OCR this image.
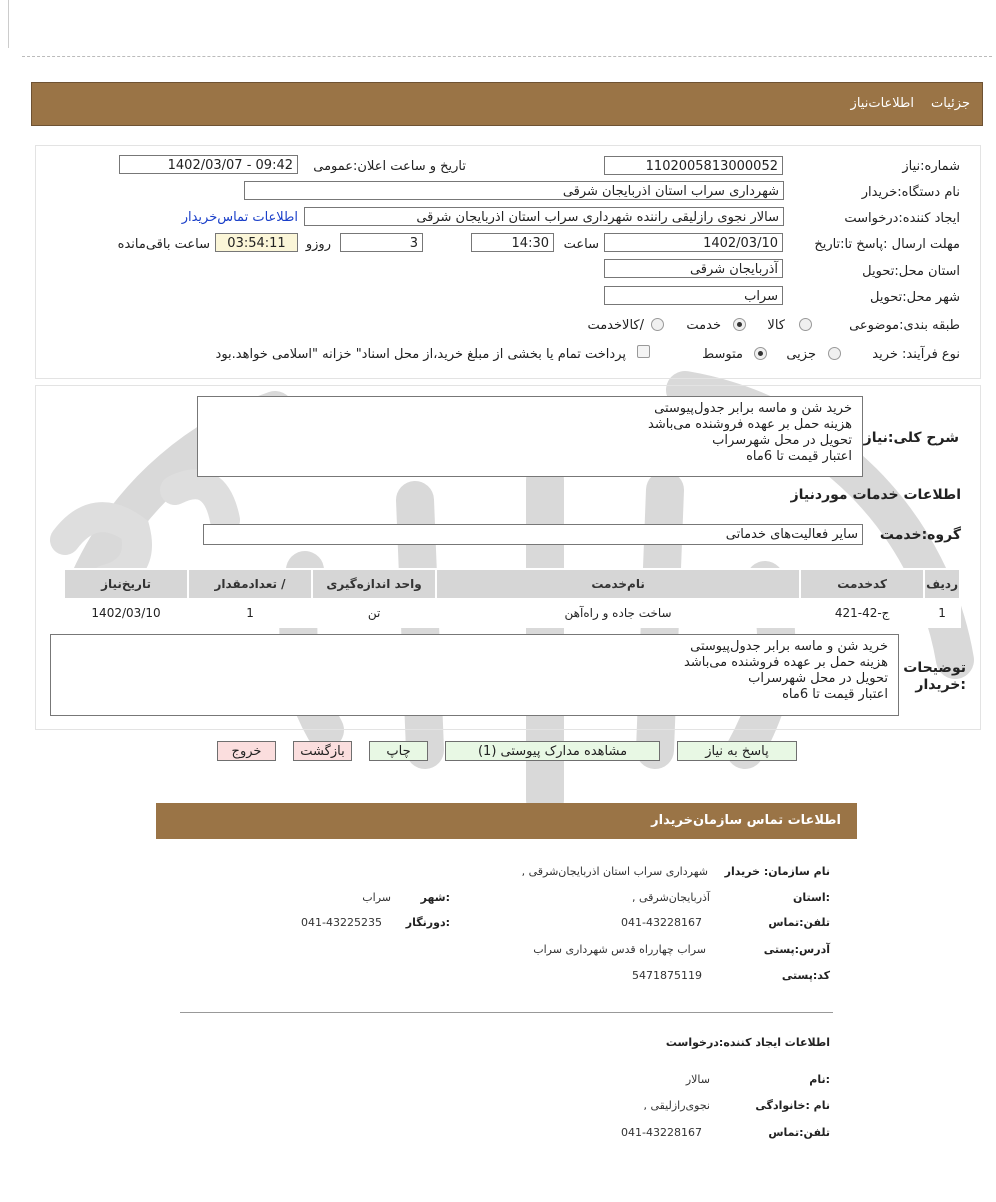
جزئیات
اطلاعات‌نیاز
شماره:نیاز
1102005813000052
تاریخ و ساعت اعلان:عمومی
1402/03/07 - 09:42
نام دستگاه:خریدار
شهرداری سراب استان اذربایجان شرقی
ایجاد کننده:درخواست
سالار نجوی رازلیقی راننده شهرداری سراب استان اذربایجان شرقی
اطلاعات تماس‌خریدار
مهلت ارسال :پاسخ تا:تاریخ
1402/03/10
ساعت
14:30
3
روزو
03:54:11
ساعت باقی‌مانده
استان محل:تحویل
آذربایجان شرقی
شهر محل:تحویل
سراب
طبقه بندی:موضوعی
کالا
خدمت
/کالاخدمت
نوع فرآیند: خرید
جزیی
متوسط
پرداخت تمام یا بخشی از مبلغ خرید،از محل اسناد" خزانه "اسلامی خواهد.بود
شرح کلی:نیاز
خرید شن و ماسه برابر جدول‌پیوستی
هزینه حمل بر عهده فروشنده می‌باشد
تحویل در محل شهرسراب
اعتبار قیمت تا 6ماه
اطلاعات خدمات مورد‌نیاز
گروه:خدمت
سایر فعالیت‌های خدماتی
ردیف	کدخدمت	نام‌خدمت	واحد اندازه‌گیری	/ تعدادمقدار	تاریخ‌نیاز
1	ج-42-421	ساخت جاده و راه‌آهن	تن	1	1402/03/10
توضیحات
:خریدار
خرید شن و ماسه برابر جدول‌پیوستی
هزینه حمل بر عهده فروشنده می‌باشد
تحویل در محل شهرسراب
اعتبار قیمت تا 6ماه
پاسخ به نیاز
مشاهده مدارک پیوستی (1)
چاپ
بازگشت
خروج
اطلاعات تماس سازمان‌خریدار
نام سازمان: خریدار
شهرداری سراب استان اذربایجان‌شرقی ,
:استان
آذربایجان‌شرقی ,
:شهر
سراب
تلفن:تماس
041-43228167
:دورنگار
041-43225235
آدرس:پستی
سراب چهارراه قدس شهرداری سراب
کد:پستی
5471875119
اطلاعات ایجاد کننده:درخواست
:نام
سالار
نام :خانوادگی
نجوی‌رازلیقی ,
تلفن:تماس
041-43228167
